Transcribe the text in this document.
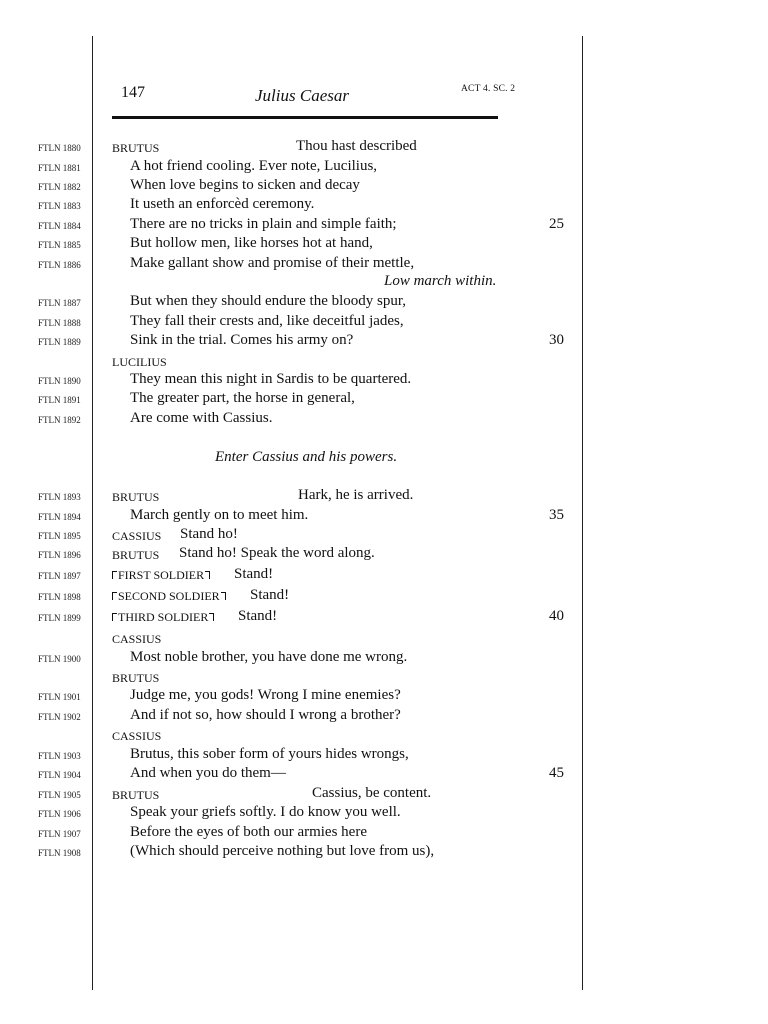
147	Julius Caesar	ACT 4. SC. 2
FTLN 1880	BRUTUS	Thou hast described
FTLN 1881	A hot friend cooling. Ever note, Lucilius,
FTLN 1882	When love begins to sicken and decay
FTLN 1883	It useth an enforcèd ceremony.
FTLN 1884	There are no tricks in plain and simple faith;	25
FTLN 1885	But hollow men, like horses hot at hand,
FTLN 1886	Make gallant show and promise of their mettle,
Low march within.
FTLN 1887	But when they should endure the bloody spur,
FTLN 1888	They fall their crests and, like deceitful jades,
FTLN 1889	Sink in the trial. Comes his army on?	30
LUCILIUS
FTLN 1890	They mean this night in Sardis to be quartered.
FTLN 1891	The greater part, the horse in general,
FTLN 1892	Are come with Cassius.
Enter Cassius and his powers.
FTLN 1893	BRUTUS	Hark, he is arrived.
FTLN 1894	March gently on to meet him.	35
FTLN 1895	CASSIUS Stand ho!
FTLN 1896	BRUTUS Stand ho! Speak the word along.
FTLN 1897	FIRST SOLDIER	Stand!
FTLN 1898	SECOND SOLDIER	Stand!
FTLN 1899	THIRD SOLDIER	Stand!	40
CASSIUS
FTLN 1900	Most noble brother, you have done me wrong.
BRUTUS
FTLN 1901	Judge me, you gods! Wrong I mine enemies?
FTLN 1902	And if not so, how should I wrong a brother?
CASSIUS
FTLN 1903	Brutus, this sober form of yours hides wrongs,
FTLN 1904	And when you do them—	45
FTLN 1905	BRUTUS	Cassius, be content.
FTLN 1906	Speak your griefs softly. I do know you well.
FTLN 1907	Before the eyes of both our armies here
FTLN 1908	(Which should perceive nothing but love from us),
